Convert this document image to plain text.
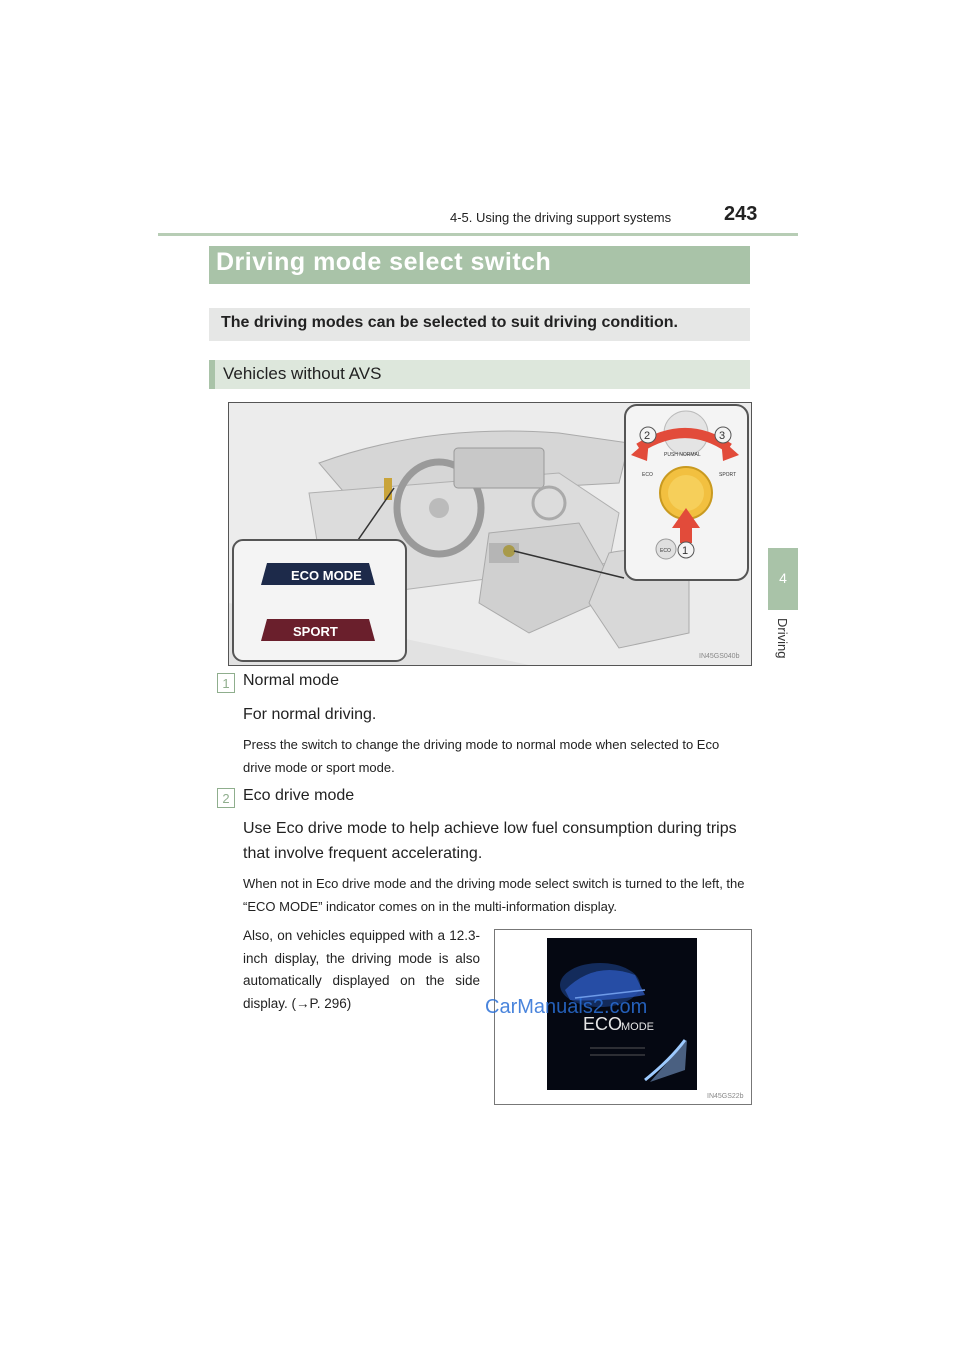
4-5. Using the driving support systems	243
4
Driving
Driving mode select switch
The driving modes can be selected to suit driving condition.
Vehicles without AVS
ECO MODE
SPORT
PUSH NORMAL
ECO	SPORT
ECO
2	3
1
IN45GS040b
1 Normal mode
For normal driving.
Press the switch to change the driving mode to normal mode when selected to Eco drive mode or sport mode.
2 Eco drive mode
Use Eco drive mode to help achieve low fuel consumption during trips that involve frequent accelerating.
When not in Eco drive mode and the driving mode select switch is turned to the left, the “ECO MODE” indicator comes on in the multi-information display.
Also, on vehicles equipped with a 12.3-inch display, the driving mode is also automatically displayed on the side display. (→P. 296)
ECO
MODE
IN45GS22b
CarManuals2.com
